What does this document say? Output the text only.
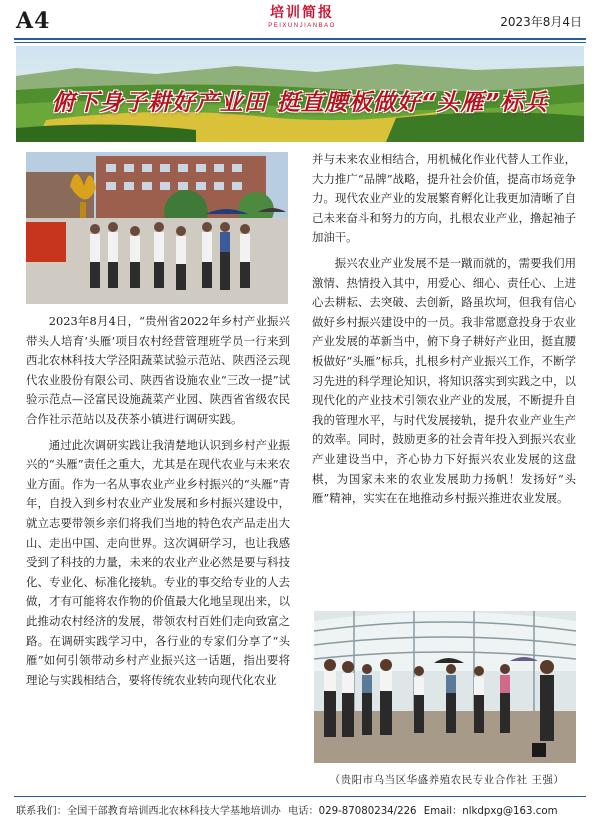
A4	培训简报
PEIXUNJIANBAO	2023年8月4日
俯下身子耕好产业田 挺直腰板做好“头雁”标兵

2023年8月4日，“贵州省2022年乡村产业振兴带头人培育‘头雁’项目农村经营管理班学员一行来到西北农林科技大学泾阳蔬菜试验示范站、陕西泾云现代农业股份有限公司、陕西省设施农业“三改一提”试验示范点—泾富民设施蔬菜产业园、陕西省省级农民合作社示范站以及茯茶小镇进行调研实践。

通过此次调研实践让我清楚地认识到乡村产业振兴的“头雁”责任之重大，尤其是在现代农业与未来农业方面。作为一名从事农业产业乡村振兴的“头雁”青年，自投入到乡村农业产业发展和乡村振兴建设中，就立志要带领乡亲们将我们当地的特色农产品走出大山、走出中国、走向世界。这次调研学习，也让我感受到了科技的力量，未来的农业产业必然是要与科技化、专业化、标准化接轨。专业的事交给专业的人去做，才有可能将农作物的价值最大化地呈现出来，以此推动农村经济的发展，带领农村百姓们走向致富之路。在调研实践学习中，各行业的专家们分享了“头雁”如何引领带动乡村产业振兴这一话题，指出要将理论与实践相结合，要将传统农业转向现代化农业

并与未来农业相结合，用机械化作业代替人工作业，大力推广“品牌”战略，提升社会价值，提高市场竞争力。现代农业产业的发展繁育孵化让我更加清晰了自己未来奋斗和努力的方向，扎根农业产业，撸起袖子加油干。

振兴农业产业发展不是一蹴而就的，需要我们用激情、热情投入其中，用爱心、细心、责任心、上进心去耕耘、去突破、去创新，路虽坎坷，但我有信心做好乡村振兴建设中的一员。我非常愿意投身于农业产业发展的革新当中，俯下身子耕好产业田，挺直腰板做好“头雁”标兵，扎根乡村产业振兴工作，不断学习先进的科学理论知识，将知识落实到实践之中，以现代化的产业技术引领农业产业的发展，不断提升自我的管理水平，与时代发展接轨，提升农业产业生产的效率。同时，鼓励更多的社会青年投入到振兴农业产业建设当中，齐心协力下好振兴农业发展的这盘棋，为国家未来的农业发展助力扬帆！发扬好“头雁”精神，实实在在地推动乡村振兴推进农业发展。

（贵阳市乌当区华盛养殖农民专业合作社 王强）
联系我们：全国干部教育培训西北农林科技大学基地培训办 电话：029-87080234/226 Email：nlkdpxg@163.com
